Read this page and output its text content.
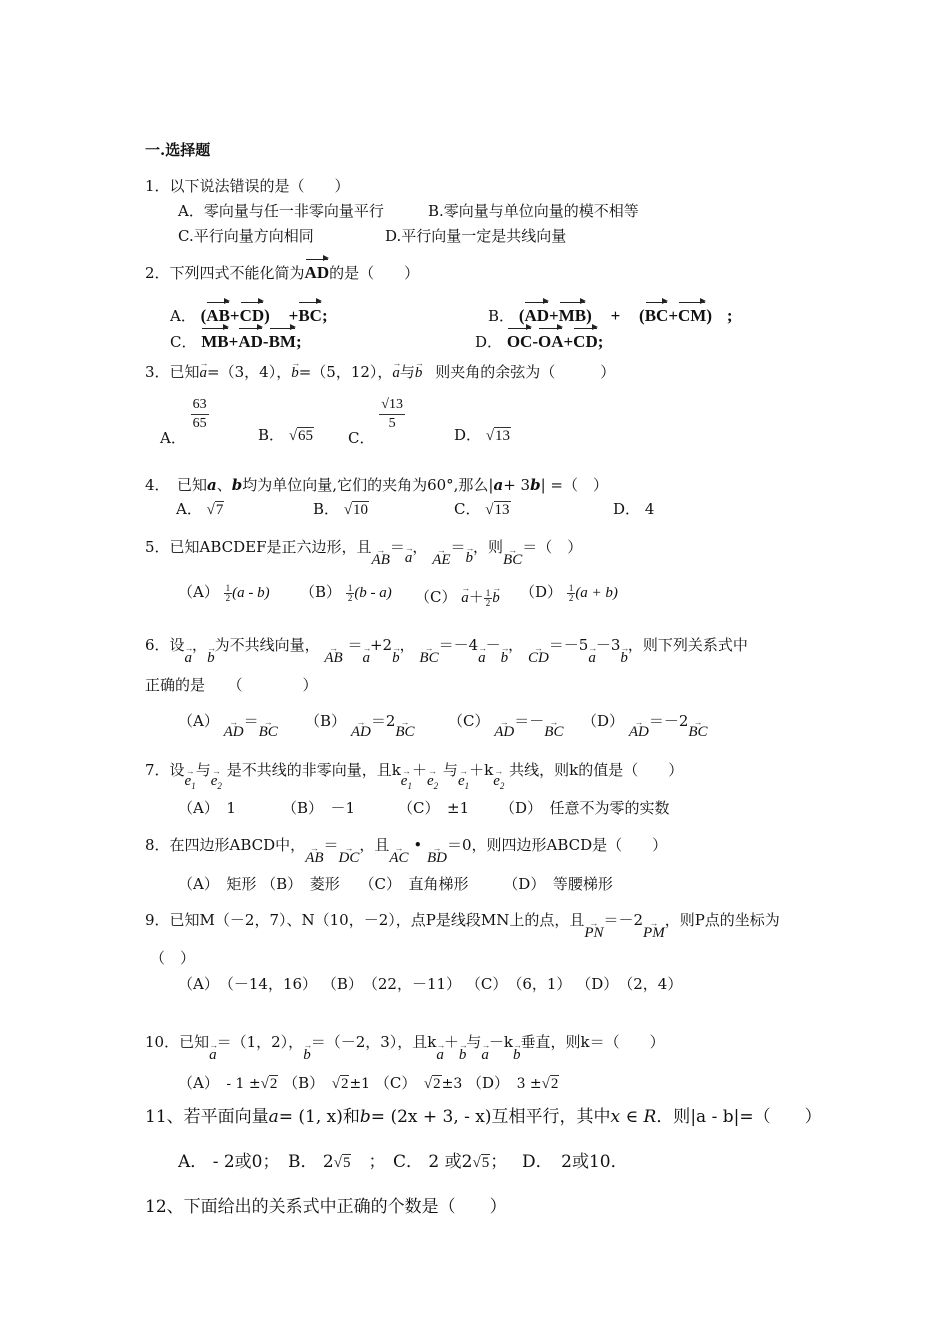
一.选择题
1．以下说法错误的是（　　）
A．零向量与任一非零向量平行	B.零向量与单位向量的模不相等
C.平行向量方向相同	D.平行向量一定是共线向量
2．下列四式不能化简为AD的是（　　）
A． (AB+CD) +BC;	B． (AD+MB) + (BC+CM) ;
C． MB+AD-BM;	D． OC-OA+CD;
3．已知→ a=（3，4），→ b=（5，12），→ a与→ b 则夹角的余弦为（　　　）
A．
$\frac{63}{65}$
B． √65 C．
$\frac{√13}{5}$
D． √13
4．　已知a、b均为单位向量,它们的夹角为60°,那么|a+ 3b| =（　）
A． √7	B． √10	C． √13	D． 4
5．已知ABCDEF是正六边形，且→ AB＝→ a， → AE＝→ b，则→ BC＝（　）
$(A) \frac{1}{2} (a - b)$ $(B) \frac{1}{2} (b - a) (C) \to a+ \frac{1}{2}$
→ b $(D) \frac{1}{2} (a + b)$
6．设→ a，→ b为不共线向量， → AB ＝→ a+2→ b， → BC＝－4→ a－→ b， → CD＝－5→ a－3→ b，则下列关系式中
正确的是　　（　　　　）
（A） → AD＝→ BC
（B） → AD＝2→ BC
（C） → AD＝－→ BC
（D） → AD＝－2→ BC
7．设→ $e_1$与→ $e_2$ 是不共线的非零向量，且$k\to e_1+\to e_2$ 与→ $e_1+k\to e_2$ 共线，则k的值是（　　）
（A）　 1	（B）　 －1	（C）　 ±1 （D）　 任意不为零的实数
8．在四边形ABCD中，→ AB＝→ DC，且→ AC • → BD＝0，则四边形ABCD是（　　）
（A）　 矩形 （B）　 菱形　 （C）　 直角梯形　　 （D）　 等腰梯形
9．已知M（－2，7）、N（10，－2），点P是线段MN上的点，且→ PN＝－2→ PM，则P点的坐标为
（　）
（A）　 （－14，16） （B）　 （22，－11） （C）　 （6，1） （D）　 （2，4）
10．已知→ a＝（1，2），→ b＝（－2，3），且k→ a＋→ b与→ a－k→ b垂直，则k＝（　　）
（A）　 - 1 ±√2 （B）　 √2±1 （C）　 √2±3 （D）　 3 ±√2
11、若平面向量a= (1, x)和b= (2x + 3, - x)互相平行，其中x ∈ R．则|a - b|=（　　）
A． - 2或0； B． 2√5　 ； C． 2 或2√5； D．　 2或10．
12、下面给出的关系式中正确的个数是（　　）
